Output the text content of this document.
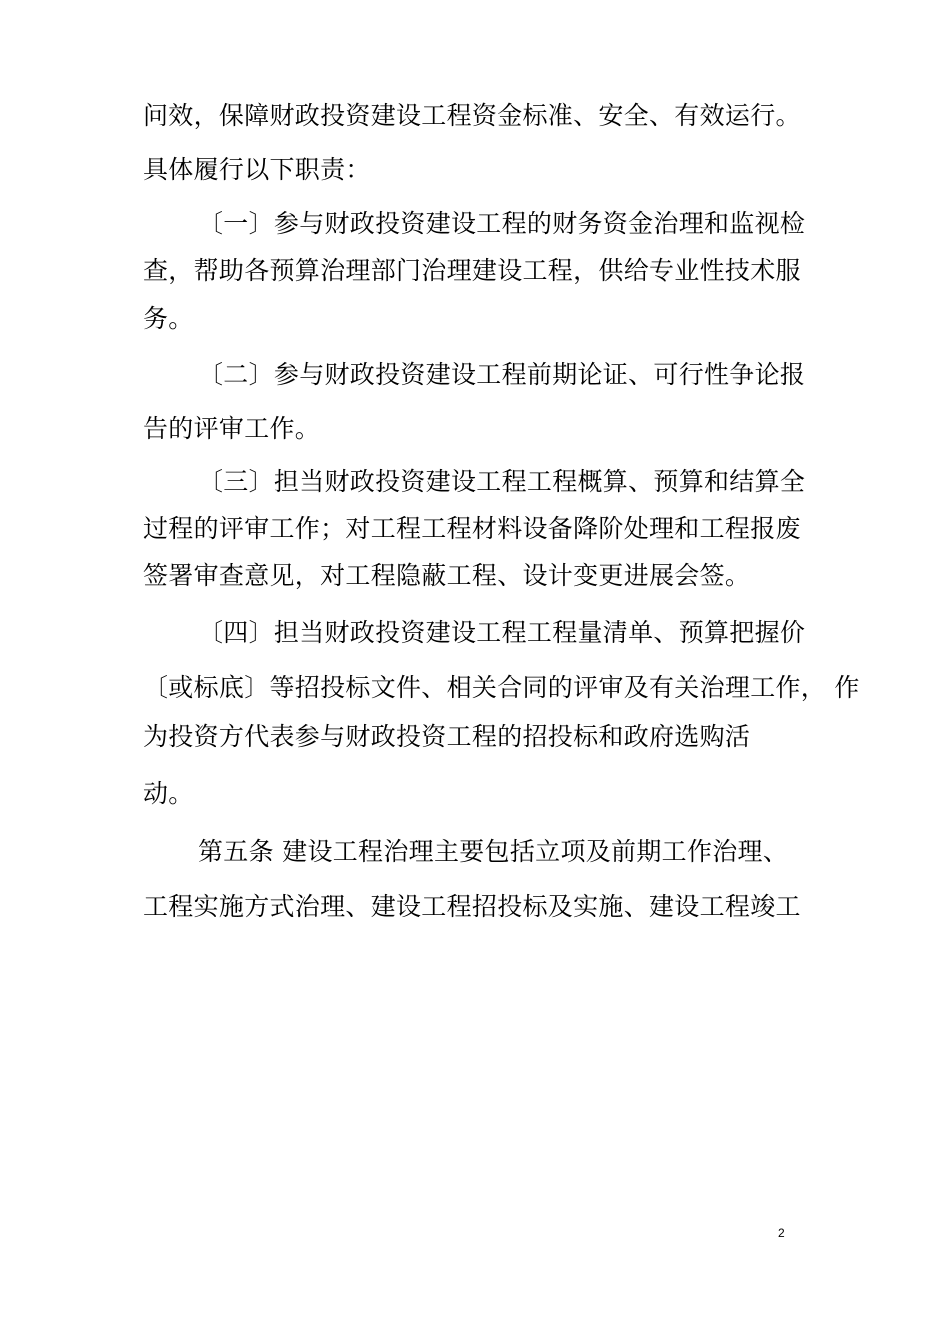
问效，保障财政投资建设工程资金标准、安全、有效运行。
具体履行以下职责：
〔一〕参与财政投资建设工程的财务资金治理和监视检
查，帮助各预算治理部门治理建设工程，供给专业性技术服
务。
〔二〕参与财政投资建设工程前期论证、可行性争论报
告的评审工作。
〔三〕担当财政投资建设工程工程概算、预算和结算全
过程的评审工作；对工程工程材料设备降阶处理和工程报废
签署审查意见，对工程隐蔽工程、设计变更进展会签。
〔四〕担当财政投资建设工程工程量清单、预算把握价
〔或标底〕等招投标文件、相关合同的评审及有关治理工作， 作
为投资方代表参与财政投资工程的招投标和政府选购活
动。
第五条 建设工程治理主要包括立项及前期工作治理、
工程实施方式治理、建设工程招投标及实施、建设工程竣工
2
